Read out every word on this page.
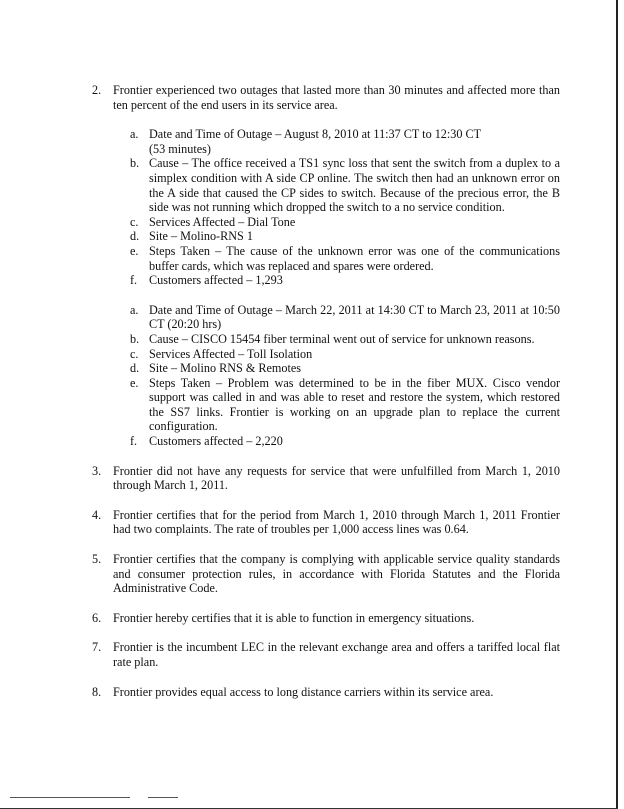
2. Frontier experienced two outages that lasted more than 30 minutes and affected more than ten percent of the end users in its service area.
a. Date and Time of Outage – August 8, 2010 at 11:37 CT to 12:30 CT
(53 minutes)
b. Cause – The office received a TS1 sync loss that sent the switch from a duplex to a simplex condition with A side CP online. The switch then had an unknown error on the A side that caused the CP sides to switch. Because of the precious error, the B side was not running which dropped the switch to a no service condition.
c. Services Affected – Dial Tone
d. Site – Molino-RNS 1
e. Steps Taken – The cause of the unknown error was one of the communications buffer cards, which was replaced and spares were ordered.
f. Customers affected – 1,293
a. Date and Time of Outage – March 22, 2011 at 14:30 CT to March 23, 2011 at 10:50 CT (20:20 hrs)
b. Cause – CISCO 15454 fiber terminal went out of service for unknown reasons.
c. Services Affected – Toll Isolation
d. Site – Molino RNS & Remotes
e. Steps Taken – Problem was determined to be in the fiber MUX. Cisco vendor support was called in and was able to reset and restore the system, which restored the SS7 links. Frontier is working on an upgrade plan to replace the current configuration.
f. Customers affected – 2,220
3. Frontier did not have any requests for service that were unfulfilled from March 1, 2010 through March 1, 2011.
4. Frontier certifies that for the period from March 1, 2010 through March 1, 2011 Frontier had two complaints. The rate of troubles per 1,000 access lines was 0.64.
5. Frontier certifies that the company is complying with applicable service quality standards and consumer protection rules, in accordance with Florida Statutes and the Florida Administrative Code.
6. Frontier hereby certifies that it is able to function in emergency situations.
7. Frontier is the incumbent LEC in the relevant exchange area and offers a tariffed local flat rate plan.
8. Frontier provides equal access to long distance carriers within its service area.
